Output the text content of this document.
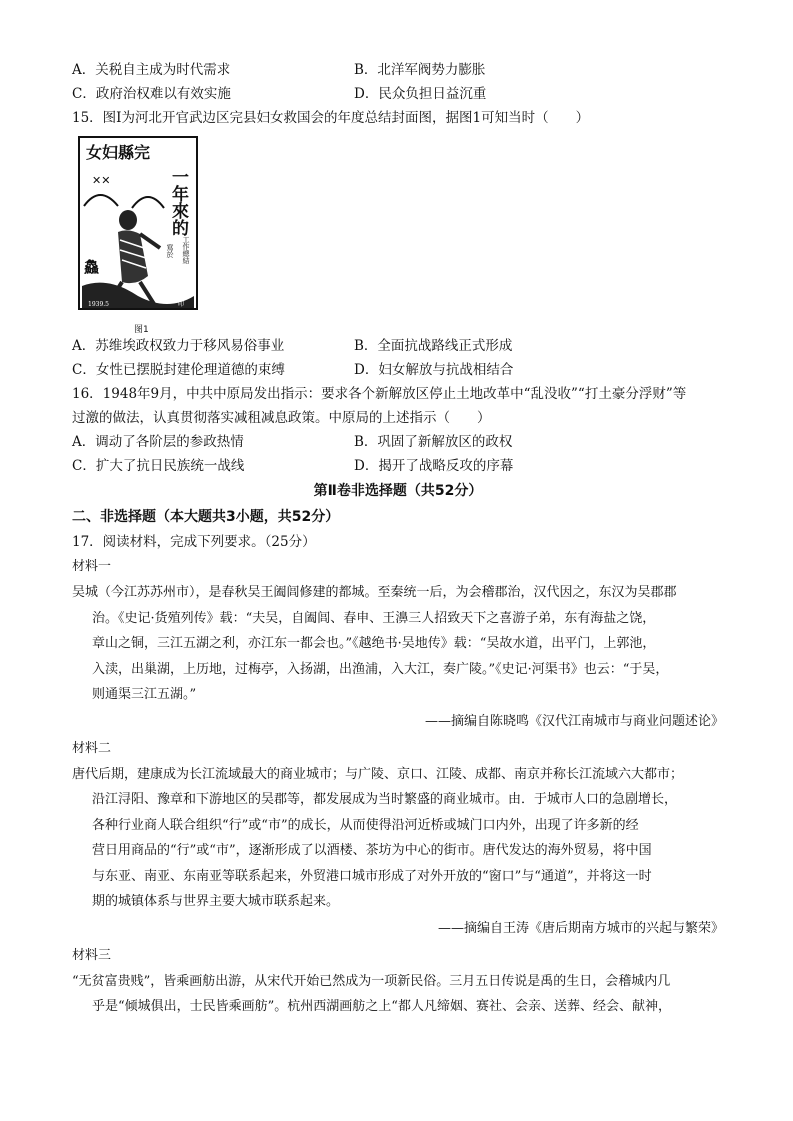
A．关税自主成为时代需求	B．北洋军阀势力膨胀
C．政府治权难以有效实施	D．民众负担日益沉重
15．图Ⅰ为河北开官武边区完县妇女救国会的年度总结封面图，据图1可知当时（　　）
女妇縣完
一年來的
工作總結
寫於
✕✕
鱻
1939.5	印
图1
A．苏维埃政权致力于移风易俗事业	B．全面抗战路线正式形成
C．女性已摆脱封建伦理道德的束缚	D．妇女解放与抗战相结合
16．1948年9月，中共中原局发出指示：要求各个新解放区停止土地改革中“乱没收”“打土豪分浮财”等
过激的做法，认真贯彻落实减租减息政策。中原局的上述指示（　　）
A．调动了各阶层的参政热情	B．巩固了新解放区的政权
C．扩大了抗日民族统一战线	D．揭开了战略反攻的序幕
第Ⅱ卷非选择题（共52分）
二、非选择题（本大题共3小题，共52分）
17．阅读材料，完成下列要求。（25分）
材料一
吴城（今江苏苏州市），是春秋吴王阖闾修建的都城。至秦统一后，为会稽郡治，汉代因之，东汉为吴郡郡
治。《史记·货殖列传》载：“夫吴，自阖闾、春申、王濞三人招致天下之喜游子弟，东有海盐之饶，
章山之铜，三江五湖之利，亦江东一都会也。”《越绝书·吴地传》载：“吴故水道，出平门，上郭池，
入渎，出巢湖，上历地，过梅亭，入扬湖，出渔浦，入大江，奏广陵。”《史记·河渠书》也云：“于吴，
则通渠三江五湖。”
——摘编自陈晓鸣《汉代江南城市与商业问题述论》
材料二
唐代后期，建康成为长江流域最大的商业城市；与广陵、京口、江陵、成都、南京并称长江流域六大都市；
沿江浔阳、豫章和下游地区的吴郡等，都发展成为当时繁盛的商业城市。由．于城市人口的急剧增长，
各种行业商人联合组织“行”或“市”的成长，从而使得沿河近桥或城门口内外，出现了许多新的经
营日用商品的“行”或“市”，逐渐形成了以酒楼、茶坊为中心的街市。唐代发达的海外贸易，将中国
与东亚、南亚、东南亚等联系起来，外贸港口城市形成了对外开放的“窗口”与“通道”，并将这一时
期的城镇体系与世界主要大城市联系起来。
——摘编自王涛《唐后期南方城市的兴起与繁荣》
材料三
“无贫富贵贱”，皆乘画舫出游，从宋代开始已然成为一项新民俗。三月五日传说是禹的生日，会稽城内几
乎是“倾城俱出，士民皆乘画舫”。杭州西湖画舫之上“都人凡缔姻、赛社、会亲、送葬、经会、献神，
